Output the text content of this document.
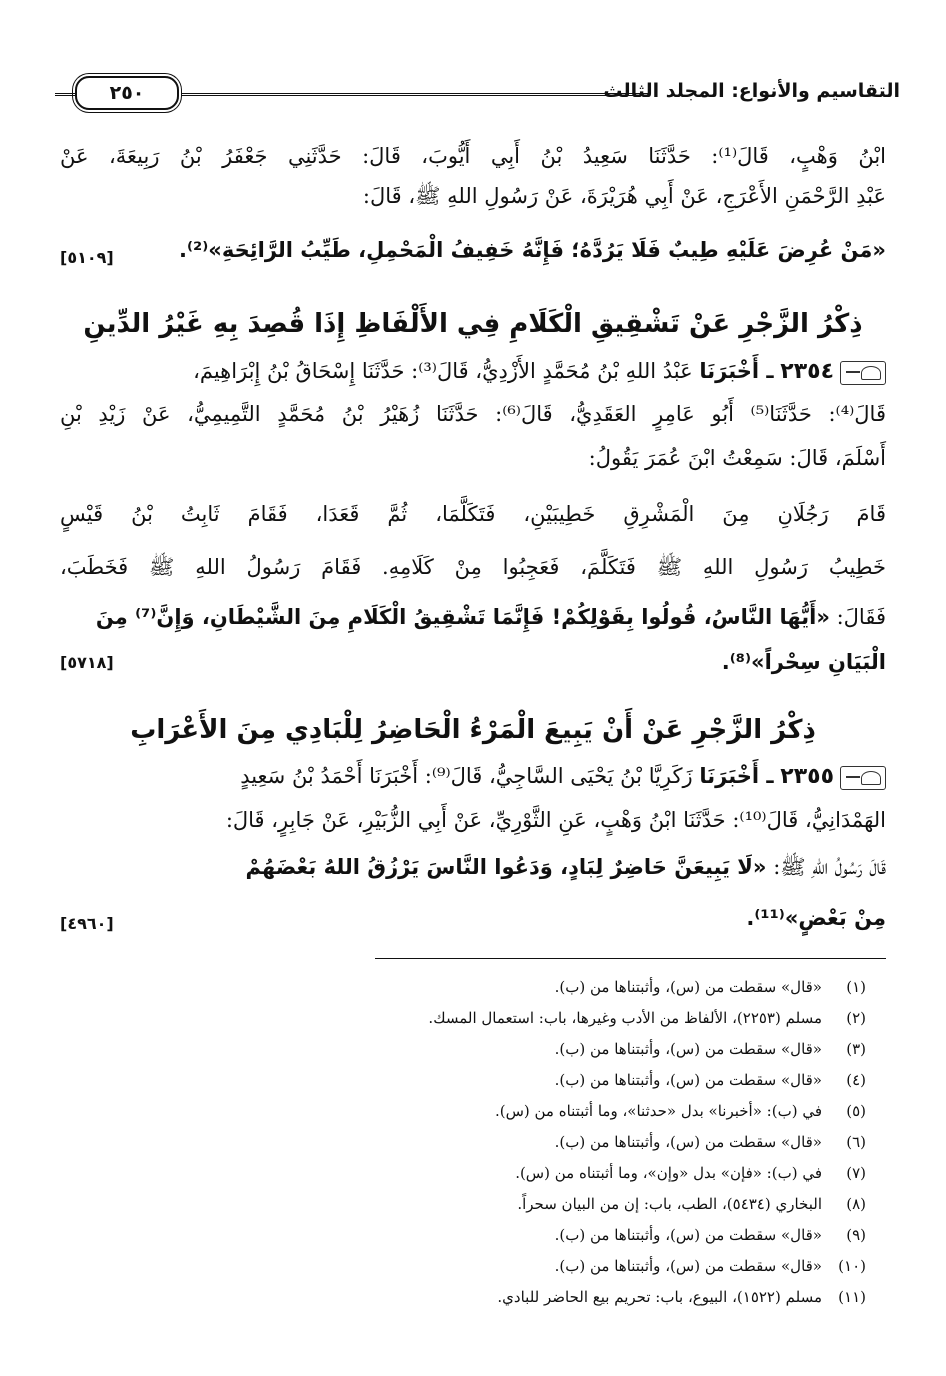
التقاسيم والأنواع: المجلد الثالث
٢٥٠
ابْنُ وَهْبٍ، قَالَ⁽¹⁾: حَدَّثَنَا سَعِيدُ بْنُ أَبِي أَيُّوبَ، قَالَ: حَدَّثَنِي جَعْفَرُ بْنُ رَبِيعَةَ، عَنْ
عَبْدِ الرَّحْمَنِ الأَعْرَجِ، عَنْ أَبِي هُرَيْرَةَ، عَنْ رَسُولِ اللهِ ﷺ، قَالَ:
«مَنْ عُرِضَ عَلَيْهِ طِيبٌ فَلَا يَرُدَّهُ؛ فَإِنَّهُ خَفِيفُ الْمَحْمِلِ، طَيِّبُ الرَّائِحَةِ»⁽²⁾.
[٥١٠٩]
ذِكْرُ الزَّجْرِ عَنْ تَشْقِيقِ الْكَلَامِ فِي الأَلْفَاظِ إِذَا قُصِدَ بِهِ غَيْرُ الدِّينِ
٢٣٥٤ ـ أَخْبَرَنَا عَبْدُ اللهِ بْنُ مُحَمَّدٍ الأَزْدِيُّ، قَالَ⁽³⁾: حَدَّثَنَا إِسْحَاقُ بْنُ إِبْرَاهِيمَ،
قَالَ⁽⁴⁾: حَدَّثَنَا⁽⁵⁾ أَبُو عَامِرٍ العَقَدِيُّ، قَالَ⁽⁶⁾: حَدَّثَنَا زُهَيْرُ بْنُ مُحَمَّدٍ التَّمِيمِيُّ، عَنْ زَيْدِ بْنِ
أَسْلَمَ، قَالَ: سَمِعْتُ ابْنَ عُمَرَ يَقُولُ:
قَامَ رَجُلَانِ مِنَ الْمَشْرِقِ خَطِيبَيْنِ، فَتَكَلَّمَا، ثُمَّ قَعَدَا، فَقَامَ ثَابِتُ بْنُ قَيْسٍ
خَطِيبُ رَسُولِ اللهِ ﷺ فَتَكَلَّمَ، فَعَجِبُوا مِنْ كَلَامِهِ. فَقَامَ رَسُولُ اللهِ ﷺ فَخَطَبَ،
فَقَالَ: «أَيُّهَا النَّاسُ، قُولُوا بِقَوْلِكُمْ! فَإِنَّمَا تَشْقِيقُ الْكَلَامِ مِنَ الشَّيْطَانِ، وَإِنَّ⁽⁷⁾ مِنَ
الْبَيَانِ سِحْراً»⁽⁸⁾.
[٥٧١٨]
ذِكْرُ الزَّجْرِ عَنْ أَنْ يَبِيعَ الْمَرْءُ الْحَاضِرُ لِلْبَادِي مِنَ الأَعْرَابِ
٢٣٥٥ ـ أَخْبَرَنَا زَكَرِيَّا بْنُ يَحْيَى السَّاجِيُّ، قَالَ⁽⁹⁾: أَخْبَرَنَا أَحْمَدُ بْنُ سَعِيدٍ
الهَمْدَانِيُّ، قَالَ⁽¹⁰⁾: حَدَّثَنَا ابْنُ وَهْبٍ، عَنِ الثَّوْرِيِّ، عَنْ أَبِي الزُّبَيْرِ، عَنْ جَابِرٍ، قَالَ:
قَالَ رَسُولُ اللهِ ﷺ: «لَا يَبِيعَنَّ حَاضِرٌ لِبَادٍ، وَدَعُوا النَّاسَ يَرْزُقُ اللهُ بَعْضَهُمْ
مِنْ بَعْضٍ»⁽¹¹⁾.
[٤٩٦٠]
(١)«قال» سقطت من (س)، وأثبتناها من (ب).
(٢)مسلم (٢٢٥٣)، الألفاظ من الأدب وغيرها، باب: استعمال المسك.
(٣)«قال» سقطت من (س)، وأثبتناها من (ب).
(٤)«قال» سقطت من (س)، وأثبتناها من (ب).
(٥)في (ب): «أخبرنا» بدل «حدثنا»، وما أثبتناه من (س).
(٦)«قال» سقطت من (س)، وأثبتناها من (ب).
(٧)في (ب): «فإن» بدل «وإن»، وما أثبتناه من (س).
(٨)البخاري (٥٤٣٤)، الطب، باب: إن من البيان سحراً.
(٩)«قال» سقطت من (س)، وأثبتناها من (ب).
(١٠)«قال» سقطت من (س)، وأثبتناها من (ب).
(١١)مسلم (١٥٢٢)، البيوع، باب: تحريم بيع الحاضر للبادي.
